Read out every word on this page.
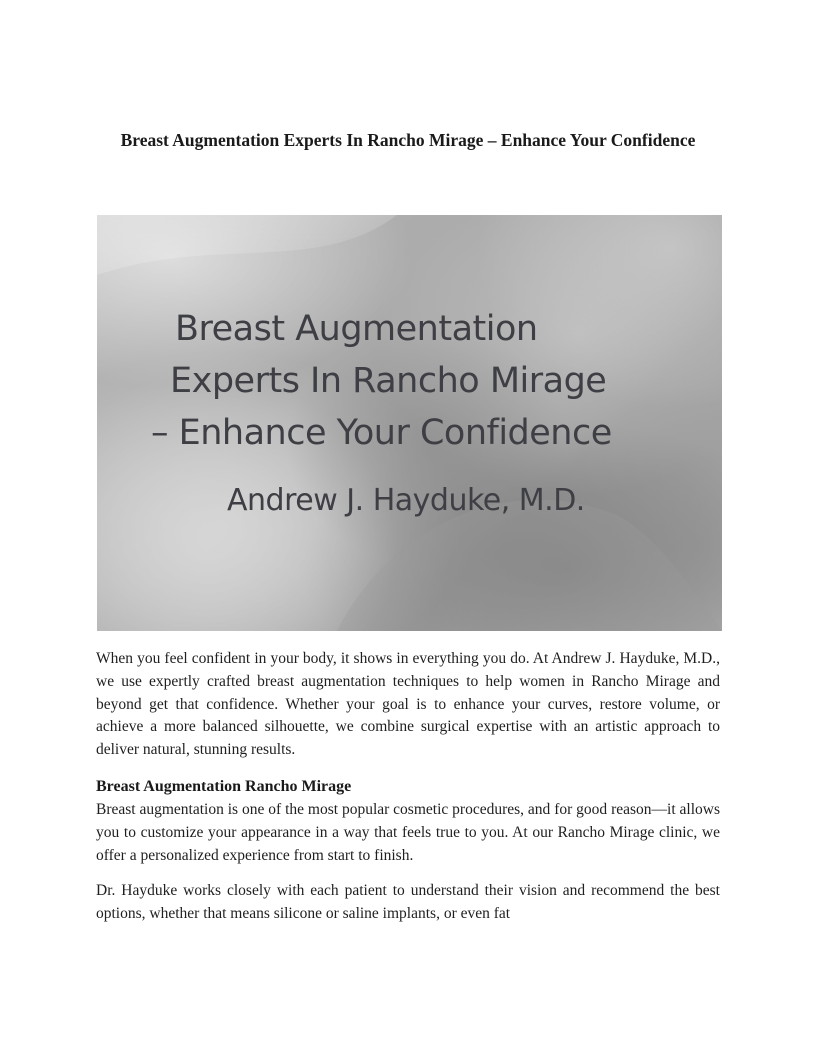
Breast Augmentation Experts In Rancho Mirage – Enhance Your Confidence
Breast Augmentation
Experts In Rancho Mirage
– Enhance Your Confidence
Andrew J. Hayduke, M.D.

When you feel confident in your body, it shows in everything you do. At Andrew J. Hayduke, M.D., we use expertly crafted breast augmentation techniques to help women in Rancho Mirage and beyond get that confidence. Whether your goal is to enhance your curves, restore volume, or achieve a more balanced silhouette, we combine surgical expertise with an artistic approach to deliver natural, stunning results.

Breast Augmentation Rancho Mirage

Breast augmentation is one of the most popular cosmetic procedures, and for good reason—it allows you to customize your appearance in a way that feels true to you. At our Rancho Mirage clinic, we offer a personalized experience from start to finish.

Dr. Hayduke works closely with each patient to understand their vision and recommend the best options, whether that means silicone or saline implants, or even fat
